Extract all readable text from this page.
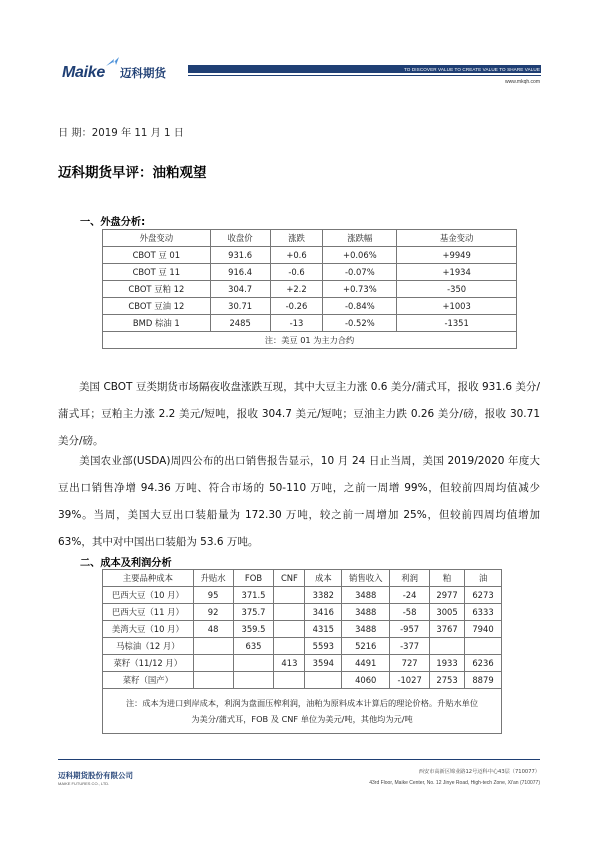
Maike 迈科期货	TO DISCOVER VALUE TO CREATE VALUE TO SHARE VALUE
www.mkqh.com
日 期：2019 年 11 月 1 日
迈科期货早评：油粕观望
一、外盘分析:
外盘变动	收盘价	涨跌	涨跌幅	基金变动
CBOT 豆 01	931.6	+0.6	+0.06%	+9949
CBOT 豆 11	916.4	-0.6	-0.07%	+1934
CBOT 豆粕 12	304.7	+2.2	+0.73%	-350
CBOT 豆油 12	30.71	-0.26	-0.84%	+1003
BMD 棕油 1	2485	-13	-0.52%	-1351
注：美豆 01 为主力合约				
美国 CBOT 豆类期货市场隔夜收盘涨跌互现，其中大豆主力涨 0.6 美分/蒲式耳，报收 931.6 美分/蒲式耳；豆粕主力涨 2.2 美元/短吨，报收 304.7 美元/短吨；豆油主力跌 0.26 美分/磅，报收 30.71 美分/磅。
美国农业部(USDA)周四公布的出口销售报告显示，10 月 24 日止当周，美国 2019/2020 年度大豆出口销售净增 94.36 万吨、符合市场的 50-110 万吨，之前一周增 99%，但较前四周均值减少 39%。当周，美国大豆出口装船量为 172.30 万吨，较之前一周增加 25%，但较前四周均值增加 63%，其中对中国出口装船为 53.6 万吨。
二、成本及利润分析
主要品种成本	升贴水	FOB	CNF	成本	销售收入	利润	粕	油
巴西大豆（10 月）	95	371.5		3382	3488	-24	2977	6273
巴西大豆（11 月）	92	375.7		3416	3488	-58	3005	6333
美湾大豆（10 月）	48	359.5		4315	3488	-957	3767	7940
马棕油（12 月）		635		5593	5216	-377		
菜籽（11/12 月）			413	3594	4491	727	1933	6236
菜籽（国产）					4060	-1027	2753	8879

注：成本为进口到岸成本，利润为盘面压榨利润，油粕为原料成本计算后的理论价格。升贴水单位
为美分/蒲式耳，FOB 及 CNF 单位为美元/吨，其他均为元/吨								
迈科期货股份有限公司
MAIKE FUTURES CO., LTD.
西安市高新区锦业路12号迈科中心43层（710077）
43rd Floor, Maike Center, No. 12 Jinye Road, High-tech Zone, Xi'an (710077)
